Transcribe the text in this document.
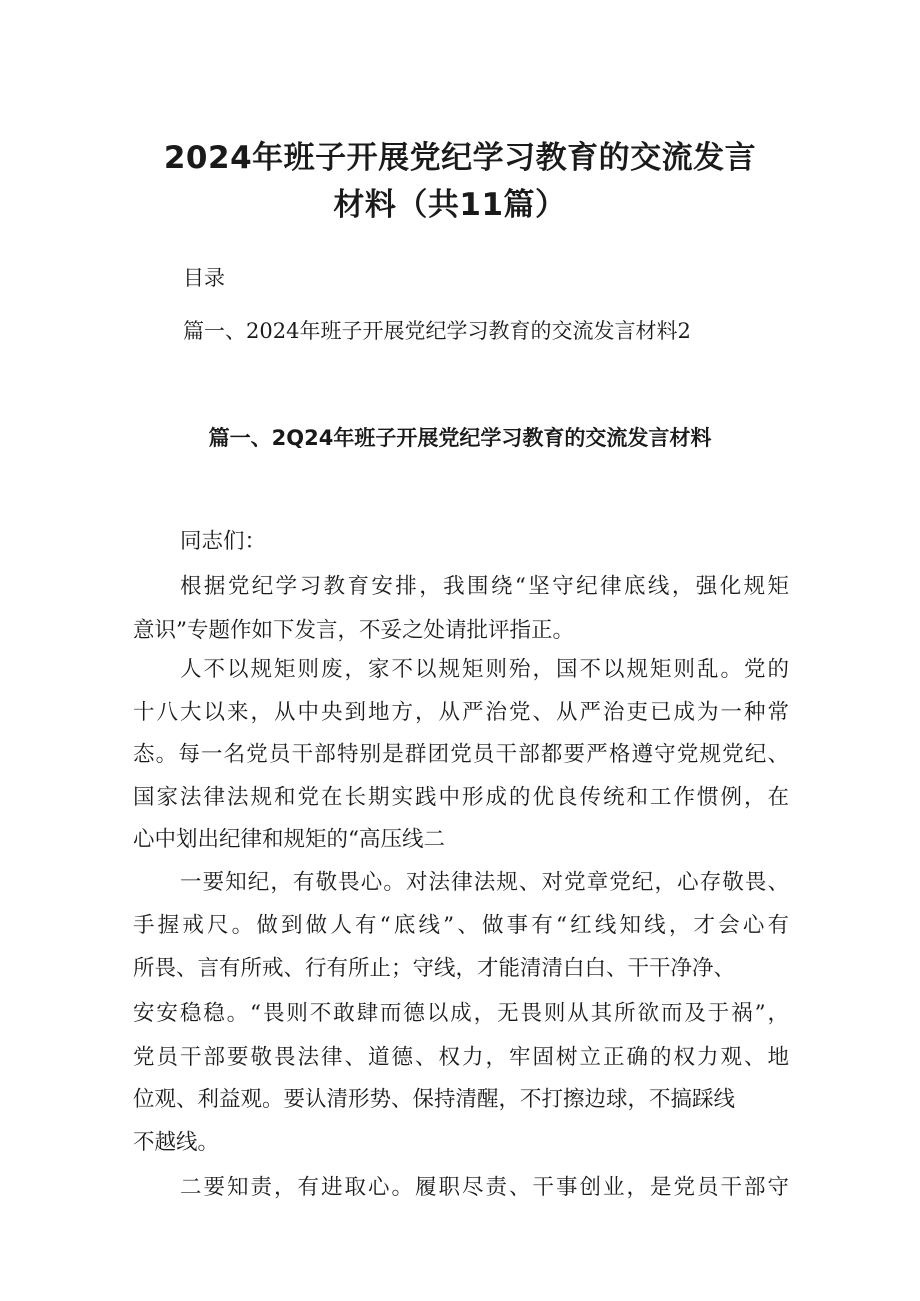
2024年班子开展党纪学习教育的交流发言
材料（共11篇）
目录
篇一、2024年班子开展党纪学习教育的交流发言材料2
篇一、2Q24年班子开展党纪学习教育的交流发言材料
同志们：
根据党纪学习教育安排，我围绕“坚守纪律底线，强化规矩
意识”专题作如下发言，不妥之处请批评指正。
人不以规矩则废，家不以规矩则殆，国不以规矩则乱。党的
十八大以来，从中央到地方，从严治党、从严治吏已成为一种常
态。每一名党员干部特别是群团党员干部都要严格遵守党规党纪、
国家法律法规和党在长期实践中形成的优良传统和工作惯例，在
心中划出纪律和规矩的“高压线二
一要知纪，有敬畏心。对法律法规、对党章党纪，心存敬畏、
手握戒尺。做到做人有“底线”、做事有“红线知线，才会心有
所畏、言有所戒、行有所止；守线，才能清清白白、干干净净、
安安稳稳。“畏则不敢肆而德以成，无畏则从其所欲而及于祸”，
党员干部要敬畏法律、道德、权力，牢固树立正确的权力观、地
位观、利益观。要认清形势、保持清醒，不打擦边球，不搞踩线
不越线。
二要知责，有进取心。履职尽责、干事创业，是党员干部守
